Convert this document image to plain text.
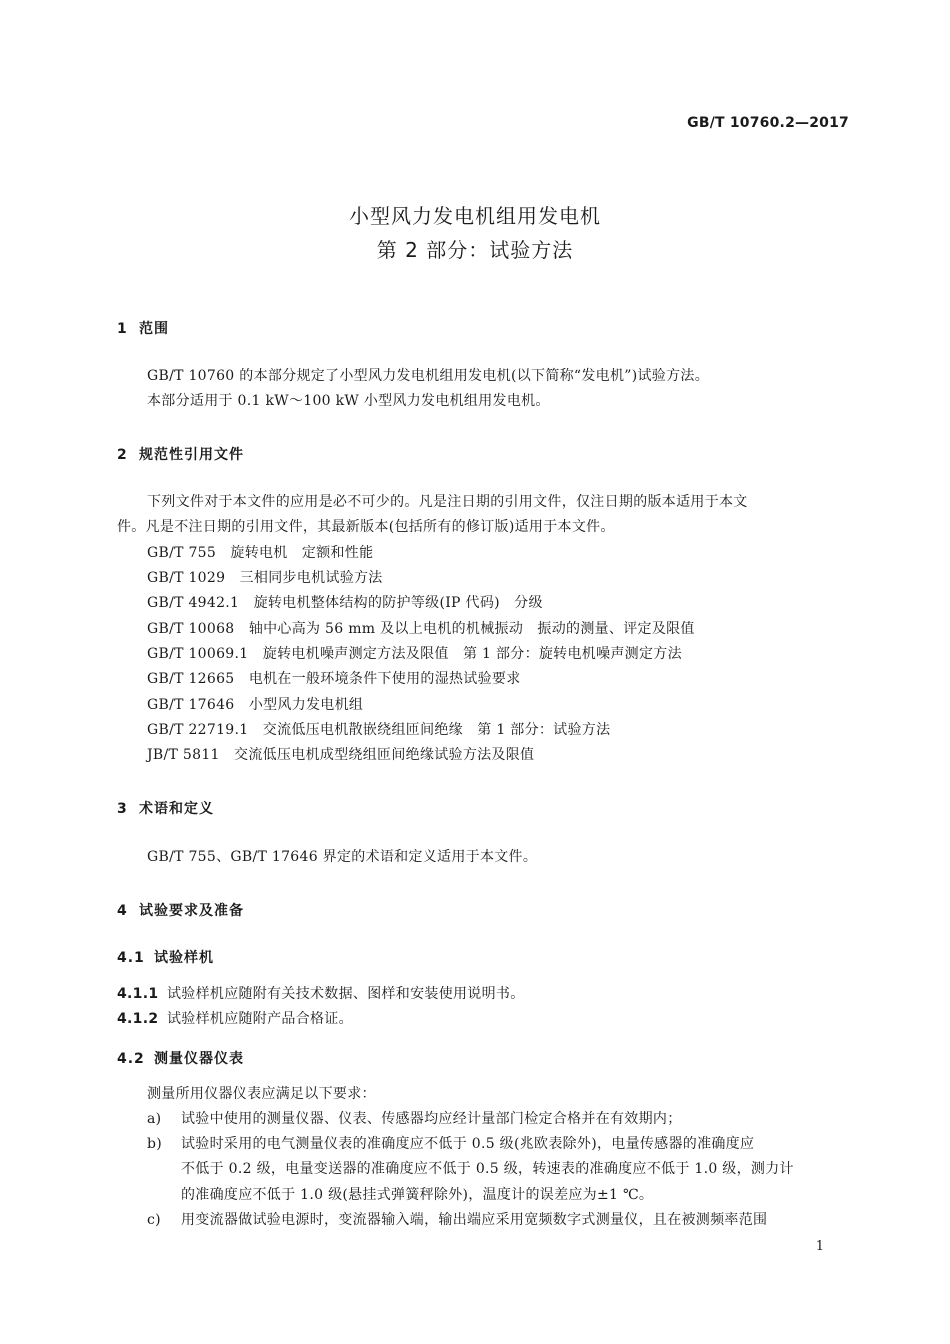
GB/T 10760.2—2017
小型风力发电机组用发电机
第 2 部分：试验方法
1 范围
GB/T 10760 的本部分规定了小型风力发电机组用发电机(以下简称“发电机”)试验方法。
本部分适用于 0.1 kW～100 kW 小型风力发电机组用发电机。
2 规范性引用文件
下列文件对于本文件的应用是必不可少的。凡是注日期的引用文件，仅注日期的版本适用于本文
件。凡是不注日期的引用文件，其最新版本(包括所有的修订版)适用于本文件。
GB/T 755　旋转电机　定额和性能
GB/T 1029　三相同步电机试验方法
GB/T 4942.1　旋转电机整体结构的防护等级(IP 代码)　分级
GB/T 10068　轴中心高为 56 mm 及以上电机的机械振动　振动的测量、评定及限值
GB/T 10069.1　旋转电机噪声测定方法及限值　第 1 部分：旋转电机噪声测定方法
GB/T 12665　电机在一般环境条件下使用的湿热试验要求
GB/T 17646　小型风力发电机组
GB/T 22719.1　交流低压电机散嵌绕组匝间绝缘　第 1 部分：试验方法
JB/T 5811　交流低压电机成型绕组匝间绝缘试验方法及限值
3 术语和定义
GB/T 755、GB/T 17646 界定的术语和定义适用于本文件。
4 试验要求及准备
4.1 试验样机
4.1.1 试验样机应随附有关技术数据、图样和安装使用说明书。
4.1.2 试验样机应随附产品合格证。
4.2 测量仪器仪表
测量所用仪器仪表应满足以下要求：
a) 试验中使用的测量仪器、仪表、传感器均应经计量部门检定合格并在有效期内；
b) 试验时采用的电气测量仪表的准确度应不低于 0.5 级(兆欧表除外)，电量传感器的准确度应
不低于 0.2 级，电量变送器的准确度应不低于 0.5 级，转速表的准确度应不低于 1.0 级，测力计
的准确度应不低于 1.0 级(悬挂式弹簧秤除外)，温度计的误差应为±1 ℃。
c) 用变流器做试验电源时，变流器输入端，输出端应采用宽频数字式测量仪，且在被测频率范围
1
